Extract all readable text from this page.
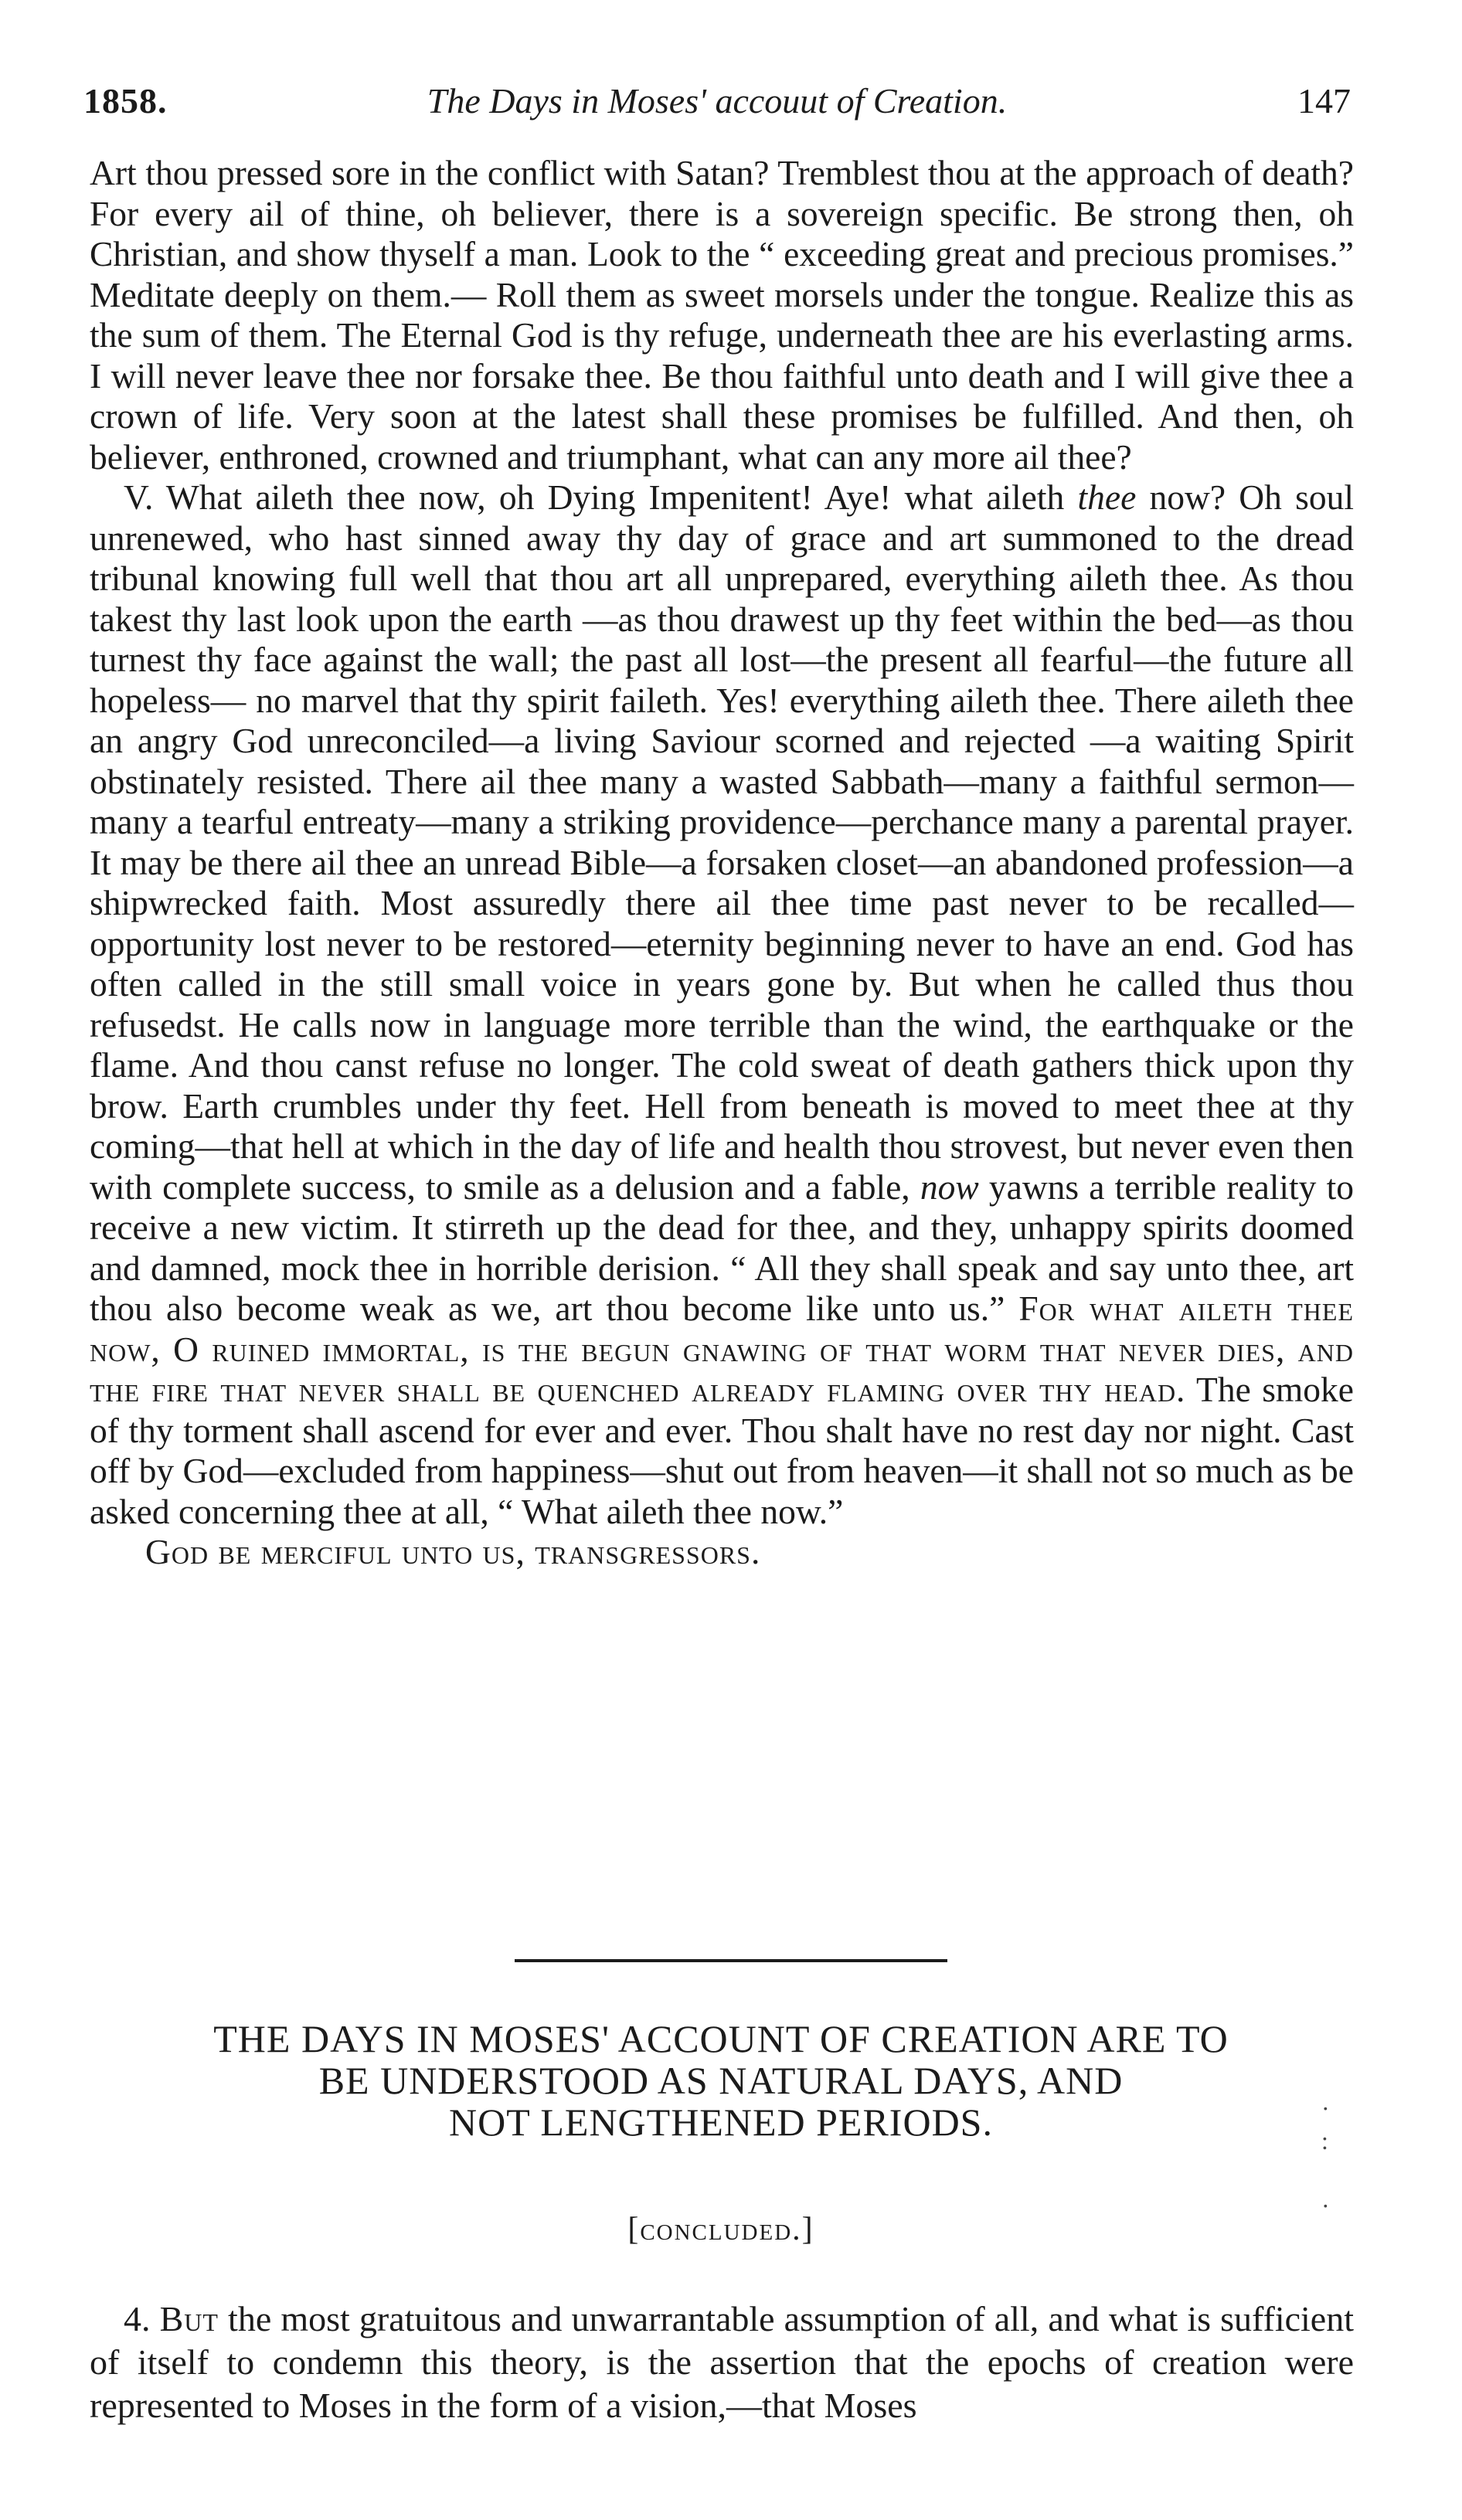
1858.	The Days in Moses' accouut of Creation.	147

Art thou pressed sore in the conflict with Satan? Tremblest thou at the approach of death? For every ail of thine, oh believer, there is a sovereign specific. Be strong then, oh Christian, and show thyself a man. Look to the “ exceeding great and precious promises.” Meditate deeply on them.— Roll them as sweet morsels under the tongue. Realize this as the sum of them. The Eternal God is thy refuge, underneath thee are his everlasting arms. I will never leave thee nor forsake thee. Be thou faithful unto death and I will give thee a crown of life. Very soon at the latest shall these promises be fulfilled. And then, oh believer, enthroned, crowned and triumphant, what can any more ail thee?

V. What aileth thee now, oh Dying Impenitent! Aye! what aileth thee now? Oh soul unrenewed, who hast sinned away thy day of grace and art summoned to the dread tribunal knowing full well that thou art all unprepared, everything aileth thee. As thou takest thy last look upon the earth —as thou drawest up thy feet within the bed—as thou turnest thy face against the wall; the past all lost—the present all fearful—the future all hopeless— no marvel that thy spirit faileth. Yes! everything aileth thee. There aileth thee an angry God unreconciled—a living Saviour scorned and rejected —a waiting Spirit obstinately resisted. There ail thee many a wasted Sabbath—many a faithful sermon—many a tearful entreaty—many a striking providence—perchance many a parental prayer. It may be there ail thee an unread Bible—a forsaken closet—an abandoned profession—a shipwrecked faith. Most assuredly there ail thee time past never to be recalled—opportunity lost never to be restored—eternity beginning never to have an end. God has often called in the still small voice in years gone by. But when he called thus thou refusedst. He calls now in language more terrible than the wind, the earthquake or the flame. And thou canst refuse no longer. The cold sweat of death gathers thick upon thy brow. Earth crumbles under thy feet. Hell from beneath is moved to meet thee at thy coming—that hell at which in the day of life and health thou strovest, but never even then with complete success, to smile as a delusion and a fable, now yawns a terrible reality to receive a new victim. It stirreth up the dead for thee, and they, unhappy spirits doomed and damned, mock thee in horrible derision. “ All they shall speak and say unto thee, art thou also become weak as we, art thou become like unto us.” For what aileth thee now, O ruined immortal, is the begun gnawing of that worm that never dies, and the fire that never shall be quenched already flaming over thy head. The smoke of thy torment shall ascend for ever and ever. Thou shalt have no rest day nor night. Cast off by God—excluded from happiness—shut out from heaven—it shall not so much as be asked concerning thee at all, “ What aileth thee now.”

God be merciful unto us, transgressors.

THE DAYS IN MOSES' ACCOUNT OF CREATION ARE TO
BE UNDERSTOOD AS NATURAL DAYS, AND
NOT LENGTHENED PERIODS.	·
:

·
[concluded.]

4. But the most gratuitous and unwarrantable assumption of all, and what is sufficient of itself to condemn this theory, is the assertion that the epochs of creation were represented to Moses in the form of a vision,—that Moses
